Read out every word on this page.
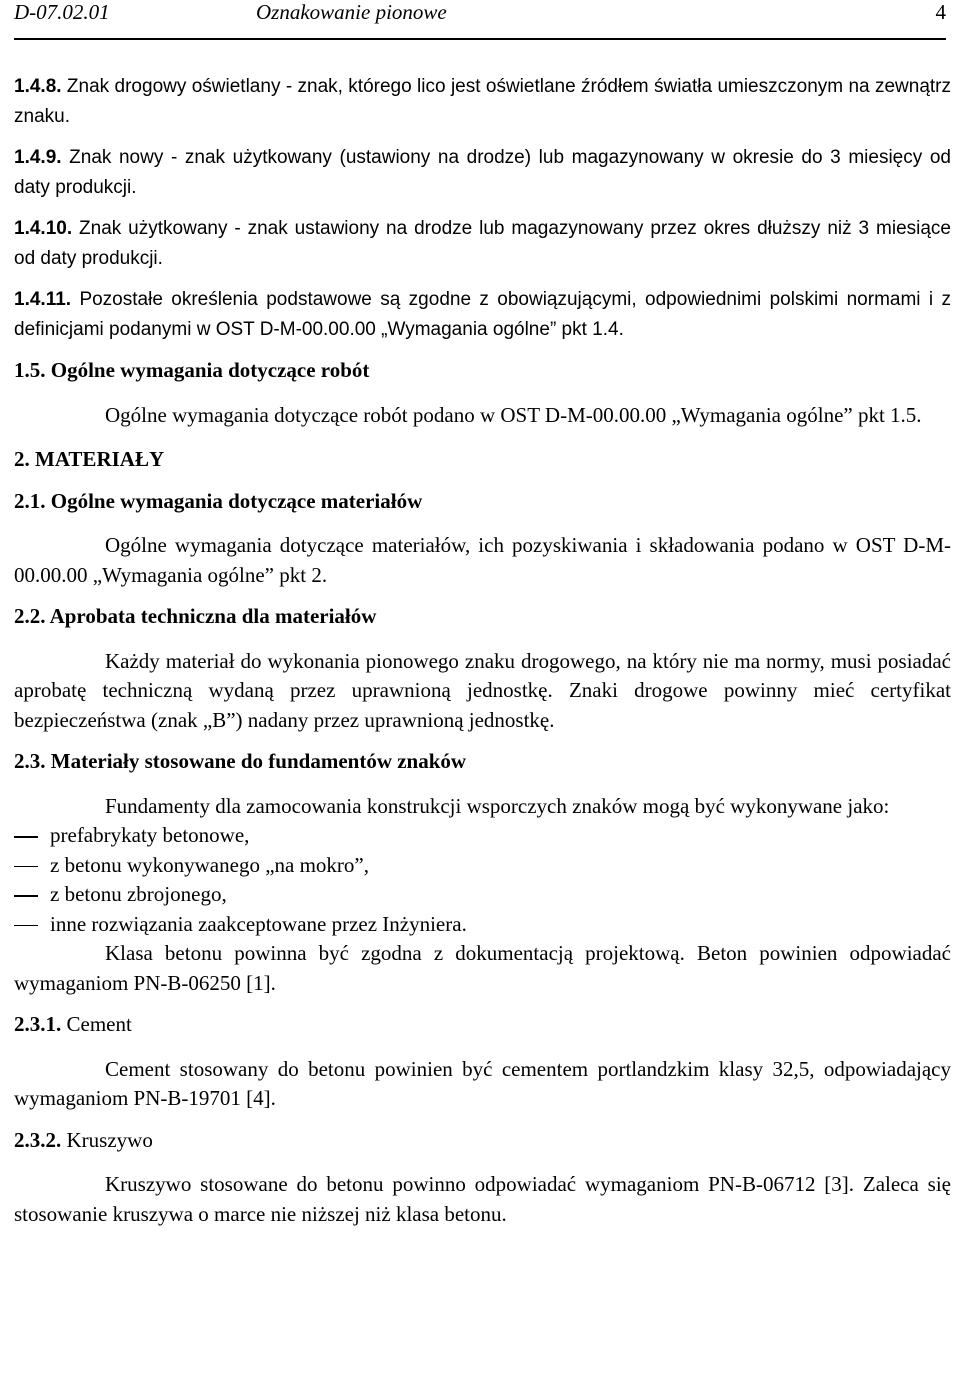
D-07.02.01	Oznakowanie pionowe	4

1.4.8. Znak drogowy oświetlany - znak, którego lico jest oświetlane źródłem światła umieszczonym na zewnątrz znaku.

1.4.9. Znak nowy - znak użytkowany (ustawiony na drodze) lub magazynowany w okresie do 3 miesięcy od daty produkcji.

1.4.10. Znak użytkowany - znak ustawiony na drodze lub magazynowany przez okres dłuższy niż 3 miesiące od daty produkcji.

1.4.11. Pozostałe określenia podstawowe są zgodne z obowiązującymi, odpowiednimi polskimi normami i z definicjami podanymi w OST D-M-00.00.00 „Wymagania ogólne” pkt 1.4.

1.5. Ogólne wymagania dotyczące robót

Ogólne wymagania dotyczące robót podano w OST D-M-00.00.00 „Wymagania ogólne” pkt 1.5.

2. MATERIAŁY
2.1. Ogólne wymagania dotyczące materiałów

Ogólne wymagania dotyczące materiałów, ich pozyskiwania i składowania podano w OST D-M-00.00.00 „Wymagania ogólne” pkt 2.

2.2. Aprobata techniczna dla materiałów

Każdy materiał do wykonania pionowego znaku drogowego, na który nie ma normy, musi posiadać aprobatę techniczną wydaną przez uprawnioną jednostkę. Znaki drogowe powinny mieć certyfikat bezpieczeństwa (znak „B”) nadany przez uprawnioną jednostkę.

2.3. Materiały stosowane do fundamentów znaków

Fundamenty dla zamocowania konstrukcji wsporczych znaków mogą być wykonywane jako:

prefabrykaty betonowe,
z betonu wykonywanego „na mokro”,
z betonu zbrojonego,
inne rozwiązania zaakceptowane przez Inżyniera.

Klasa betonu powinna być zgodna z dokumentacją projektową. Beton powinien odpowiadać wymaganiom PN-B-06250 [1].

2.3.1. Cement

Cement stosowany do betonu powinien być cementem portlandzkim klasy 32,5, odpowiadający wymaganiom PN-B-19701 [4].

2.3.2. Kruszywo

Kruszywo stosowane do betonu powinno odpowiadać wymaganiom PN-B-06712 [3]. Zaleca się stosowanie kruszywa o marce nie niższej niż klasa betonu.
